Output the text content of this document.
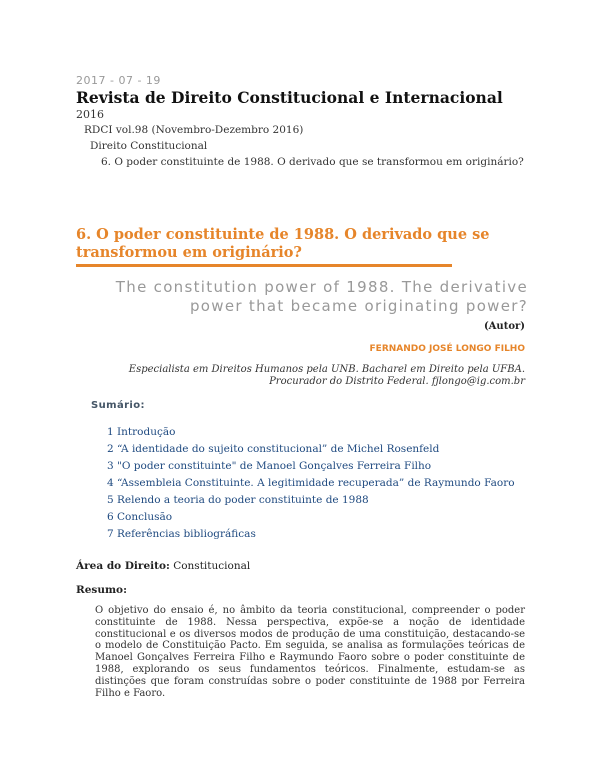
2017 - 07 - 19
Revista de Direito Constitucional e Internacional
2016
RDCI vol.98 (Novembro-Dezembro 2016)
Direito Constitucional
6. O poder constituinte de 1988. O derivado que se transformou em originário?
6. O poder constituinte de 1988. O derivado que se transformou em originário?
The constitution power of 1988. The derivative power that became originating power?
(Autor)
FERNANDO JOSÉ LONGO FILHO
Especialista em Direitos Humanos pela UNB. Bacharel em Direito pela UFBA. Procurador do Distrito Federal. fjlongo@ig.com.br
Sumário:
1 Introdução
2 “A identidade do sujeito constitucional” de Michel Rosenfeld
3 "O poder constituinte" de Manoel Gonçalves Ferreira Filho
4 “Assembleia Constituinte. A legitimidade recuperada” de Raymundo Faoro
5 Relendo a teoria do poder constituinte de 1988
6 Conclusão
7 Referências bibliográficas
Área do Direito: Constitucional
Resumo:
O objetivo do ensaio é, no âmbito da teoria constitucional, compreender o poder constituinte de 1988. Nessa perspectiva, expõe-se a noção de identidade constitucional e os diversos modos de produção de uma constituição, destacando-se o modelo de Constituição Pacto. Em seguida, se analisa as formulações teóricas de Manoel Gonçalves Ferreira Filho e Raymundo Faoro sobre o poder constituinte de 1988, explorando os seus fundamentos teóricos. Finalmente, estudam-se as distinções que foram construídas sobre o poder constituinte de 1988 por Ferreira Filho e Faoro.
